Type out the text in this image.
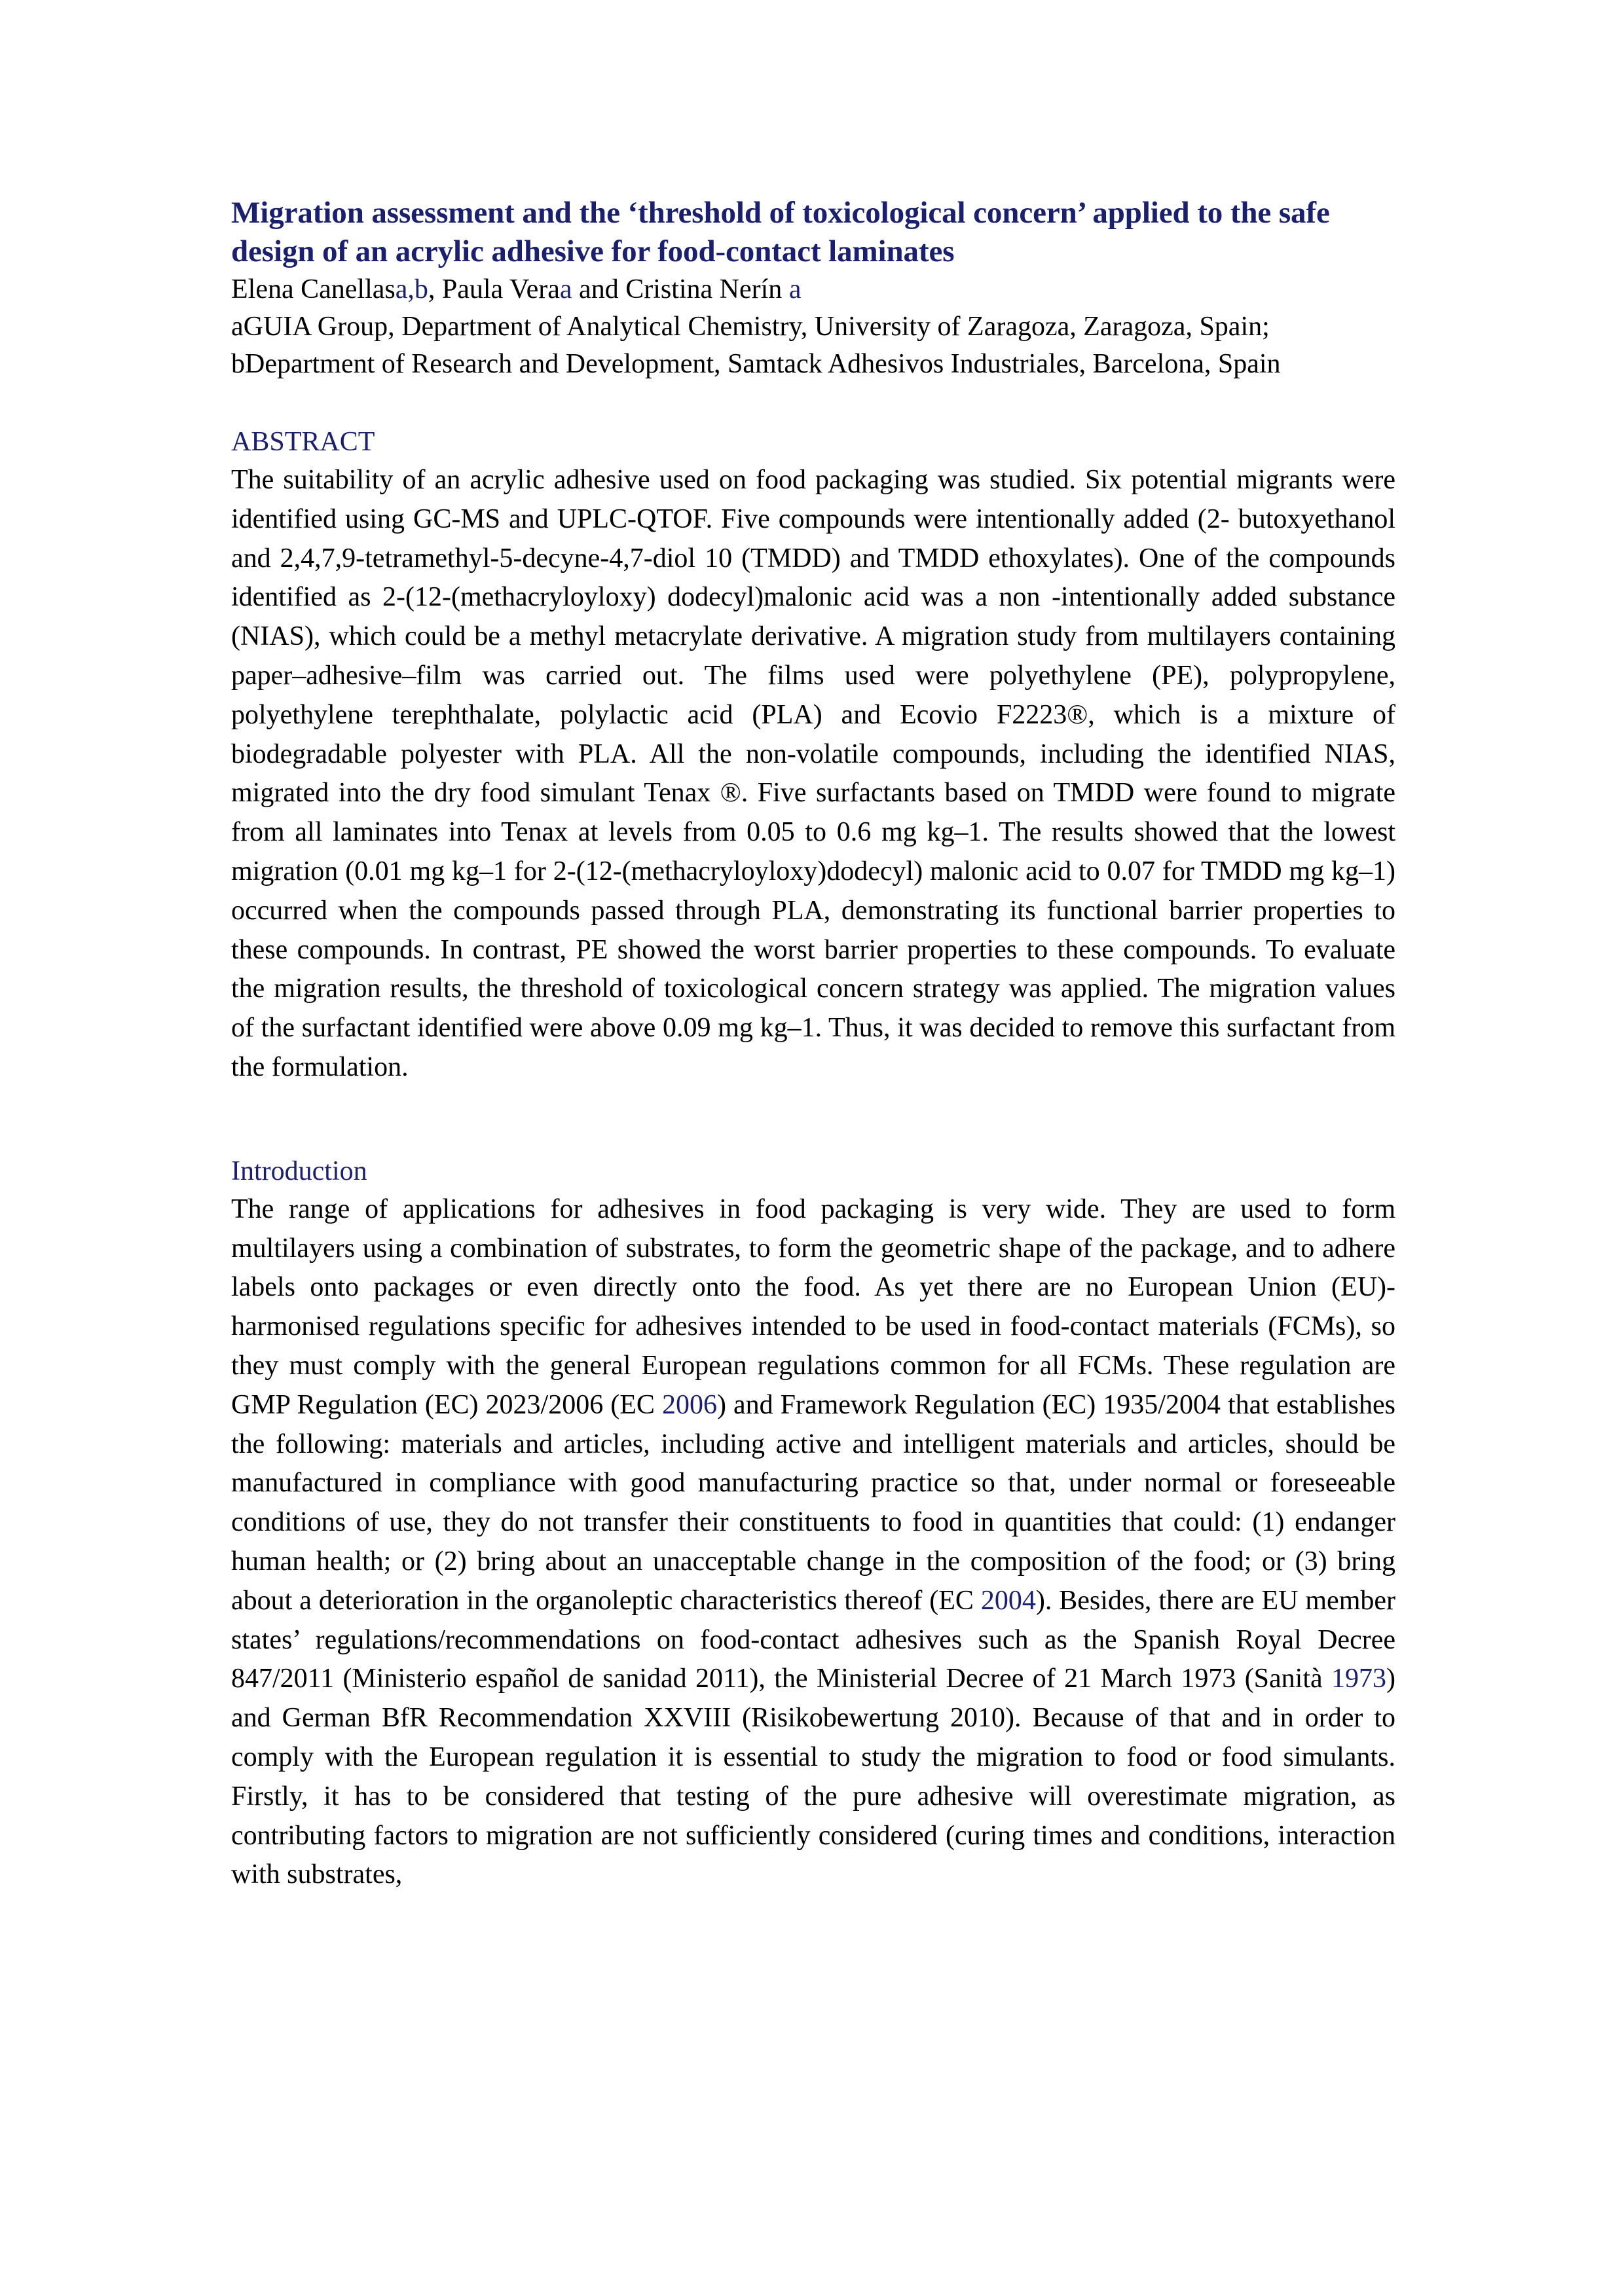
Migration assessment and the ‘threshold of toxicological concern’ applied to the safe design of an acrylic adhesive for food-contact laminates

Elena Canellasa,b, Paula Veraa and Cristina Nerín a

aGUIA Group, Department of Analytical Chemistry, University of Zaragoza, Zaragoza, Spain;

bDepartment of Research and Development, Samtack Adhesivos Industriales, Barcelona, Spain

ABSTRACT

The suitability of an acrylic adhesive used on food packaging was studied. Six potential migrants were identified using GC-MS and UPLC-QTOF. Five compounds were intentionally added (2- butoxyethanol and 2,4,7,9-tetramethyl-5-decyne-4,7-diol 10 (TMDD) and TMDD ethoxylates). One of the compounds identified as 2-(12-(methacryloyloxy) dodecyl)malonic acid was a non -intentionally added substance (NIAS), which could be a methyl metacrylate derivative. A migration study from multilayers containing paper–adhesive–film was carried out. The films used were polyethylene (PE), polypropylene, polyethylene terephthalate, polylactic acid (PLA) and Ecovio F2223®, which is a mixture of biodegradable polyester with PLA. All the non-volatile compounds, including the identified NIAS, migrated into the dry food simulant Tenax ®. Five surfactants based on TMDD were found to migrate from all laminates into Tenax at levels from 0.05 to 0.6 mg kg–1. The results showed that the lowest migration (0.01 mg kg–1 for 2-(12-(methacryloyloxy)dodecyl) malonic acid to 0.07 for TMDD mg kg–1) occurred when the compounds passed through PLA, demonstrating its functional barrier properties to these compounds. In contrast, PE showed the worst barrier properties to these compounds. To evaluate the migration results, the threshold of toxicological concern strategy was applied. The migration values of the surfactant identified were above 0.09 mg kg–1. Thus, it was decided to remove this surfactant from the formulation.

Introduction

The range of applications for adhesives in food packaging is very wide. They are used to form multilayers using a combination of substrates, to form the geometric shape of the package, and to adhere labels onto packages or even directly onto the food. As yet there are no European Union (EU)-harmonised regulations specific for adhesives intended to be used in food-contact materials (FCMs), so they must comply with the general European regulations common for all FCMs. These regulation are GMP Regulation (EC) 2023/2006 (EC 2006) and Framework Regulation (EC) 1935/2004 that establishes the following: materials and articles, including active and intelligent materials and articles, should be manufactured in compliance with good manufacturing practice so that, under normal or foreseeable conditions of use, they do not transfer their constituents to food in quantities that could: (1) endanger human health; or (2) bring about an unacceptable change in the composition of the food; or (3) bring about a deterioration in the organoleptic characteristics thereof (EC 2004). Besides, there are EU member states’ regulations/recommendations on food-contact adhesives such as the Spanish Royal Decree 847/2011 (Ministerio español de sanidad 2011), the Ministerial Decree of 21 March 1973 (Sanità 1973) and German BfR Recommendation XXVIII (Risikobewertung 2010). Because of that and in order to comply with the European regulation it is essential to study the migration to food or food simulants. Firstly, it has to be considered that testing of the pure adhesive will overestimate migration, as contributing factors to migration are not sufficiently considered (curing times and conditions, interaction with substrates,
